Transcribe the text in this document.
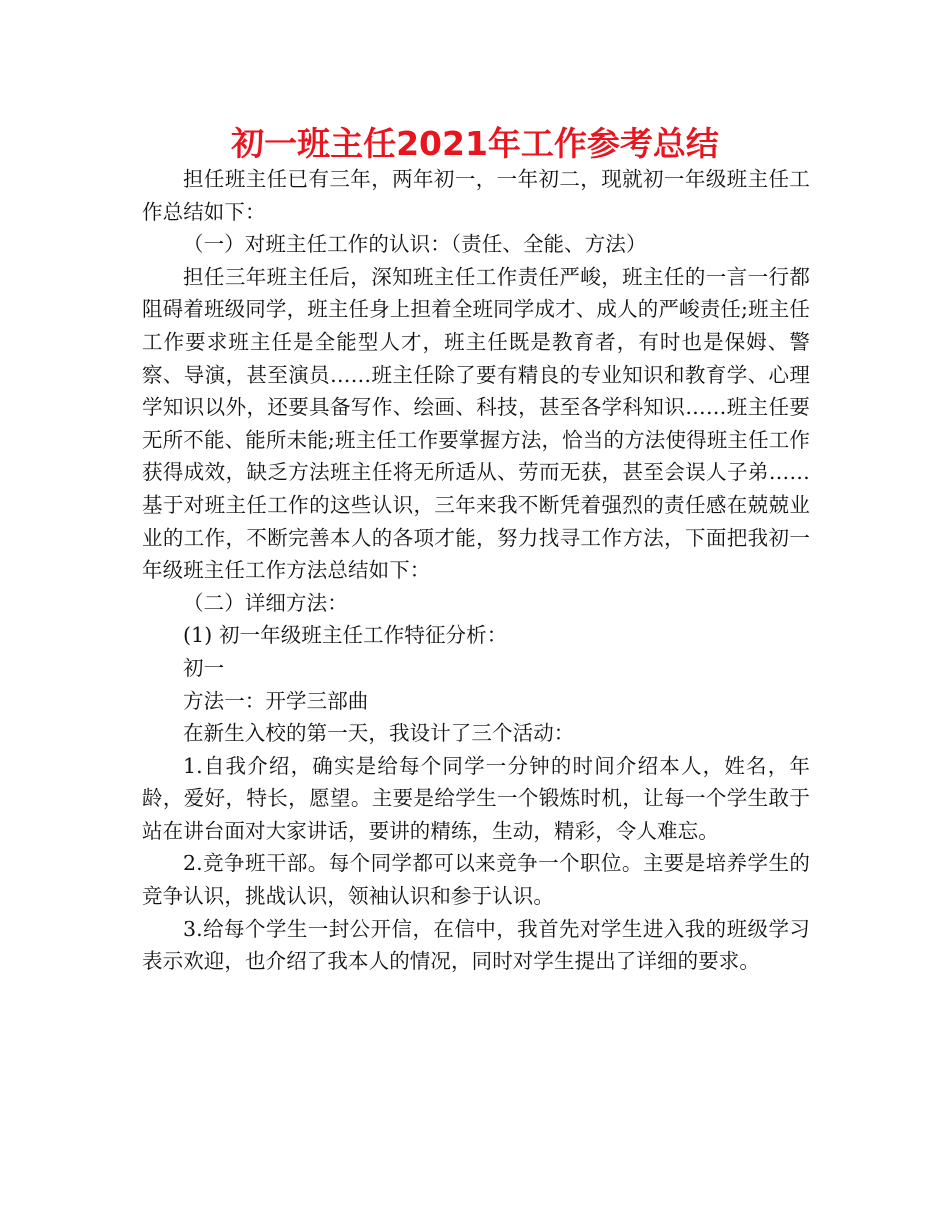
初一班主任2021年工作参考总结

担任班主任已有三年，两年初一，一年初二，现就初一年级班主任工作总结如下：

（一）对班主任工作的认识：（责任、全能、方法）

担任三年班主任后，深知班主任工作责任严峻，班主任的一言一行都阻碍着班级同学，班主任身上担着全班同学成才、成人的严峻责任;班主任工作要求班主任是全能型人才，班主任既是教育者，有时也是保姆、警察、导演，甚至演员……班主任除了要有精良的专业知识和教育学、心理学知识以外，还要具备写作、绘画、科技，甚至各学科知识……班主任要无所不能、能所未能;班主任工作要掌握方法，恰当的方法使得班主任工作获得成效，缺乏方法班主任将无所适从、劳而无获，甚至会误人子弟……基于对班主任工作的这些认识，三年来我不断凭着强烈的责任感在兢兢业业的工作，不断完善本人的各项才能，努力找寻工作方法，下面把我初一年级班主任工作方法总结如下：

（二）详细方法：

(1) 初一年级班主任工作特征分析：

初一

方法一：开学三部曲

在新生入校的第一天，我设计了三个活动：

1.自我介绍，确实是给每个同学一分钟的时间介绍本人，姓名，年龄，爱好，特长，愿望。主要是给学生一个锻炼时机，让每一个学生敢于站在讲台面对大家讲话，要讲的精练，生动，精彩，令人难忘。

2.竞争班干部。每个同学都可以来竞争一个职位。主要是培养学生的竞争认识，挑战认识，领袖认识和参于认识。

3.给每个学生一封公开信，在信中，我首先对学生进入我的班级学习表示欢迎，也介绍了我本人的情况，同时对学生提出了详细的要求。
